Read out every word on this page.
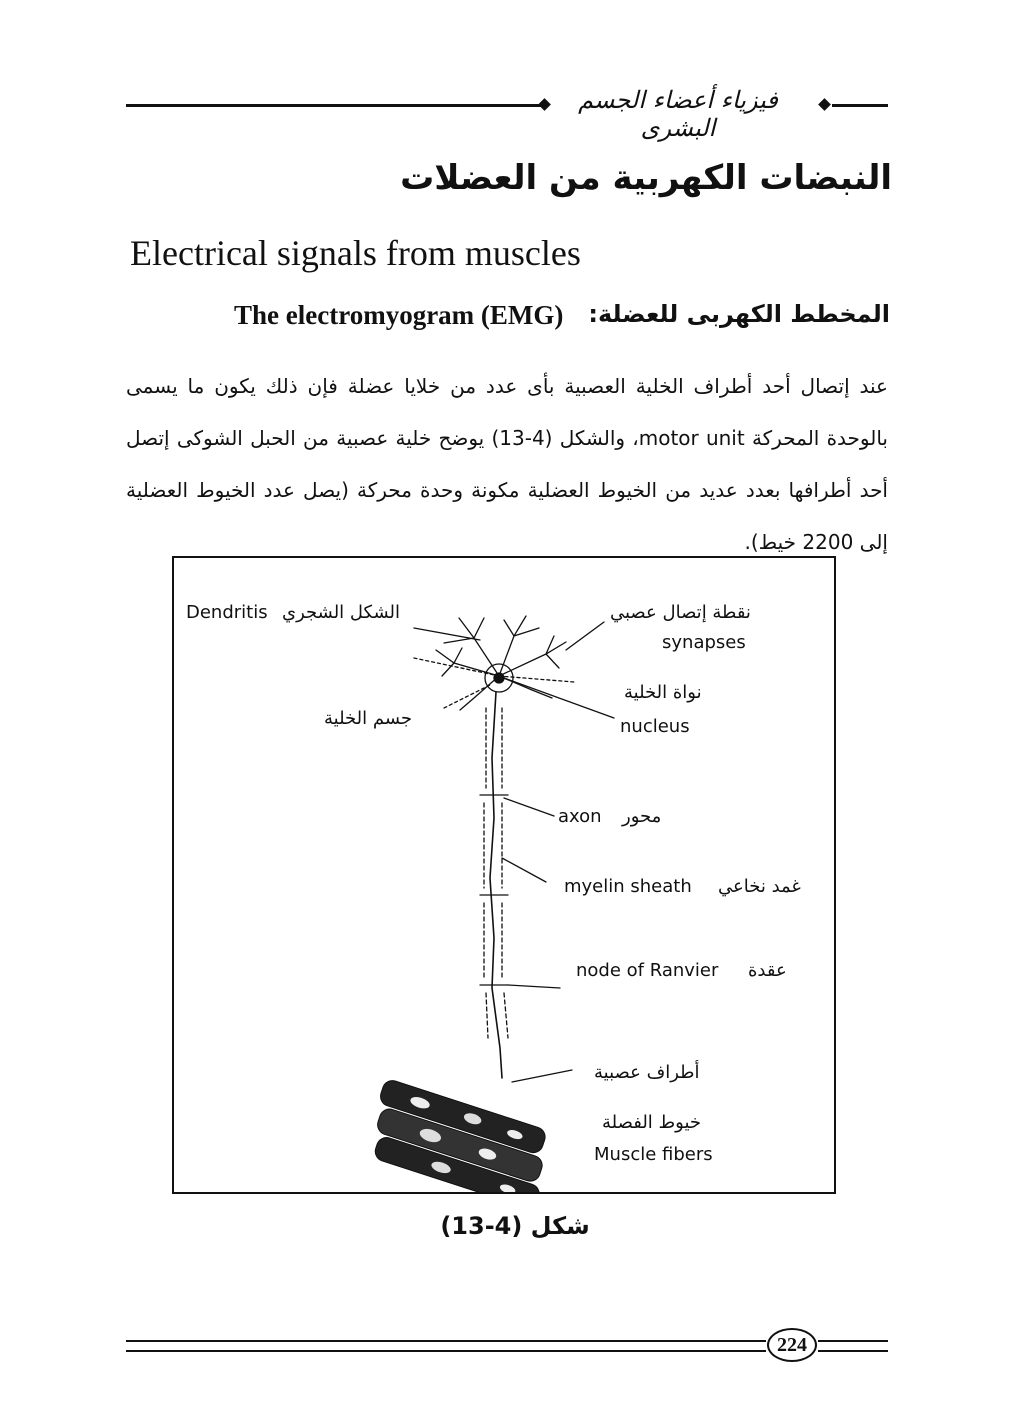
فيزياء أعضاء الجسم البشرى
النبضات الكهربية من العضلات
Electrical signals from muscles
المخطط الكهربى للعضلة:
The electromyogram (EMG)
عند إتصال أحد أطراف الخلية العصبية بأى عدد من خلايا عضلة فإن ذلك يكون ما يسمى بالوحدة المحركة motor unit، والشكل (4-13) يوضح خلية عصبية من الحبل الشوكى إتصل أحد أطرافها بعدد عديد من الخيوط العضلية مكونة وحدة محركة (يصل عدد الخيوط العضلية إلى 2200 خيط).
Dendritis الشكل الشجري	نقطة إتصال عصبي
synapses
نواة الخلية
nucleus
جسم الخلية
axon محور
myelin sheath غمد نخاعي
node of Ranvier عقدة
أطراف عصبية
خيوط الفصلة
Muscle fibers
شكل (4-13)
224
